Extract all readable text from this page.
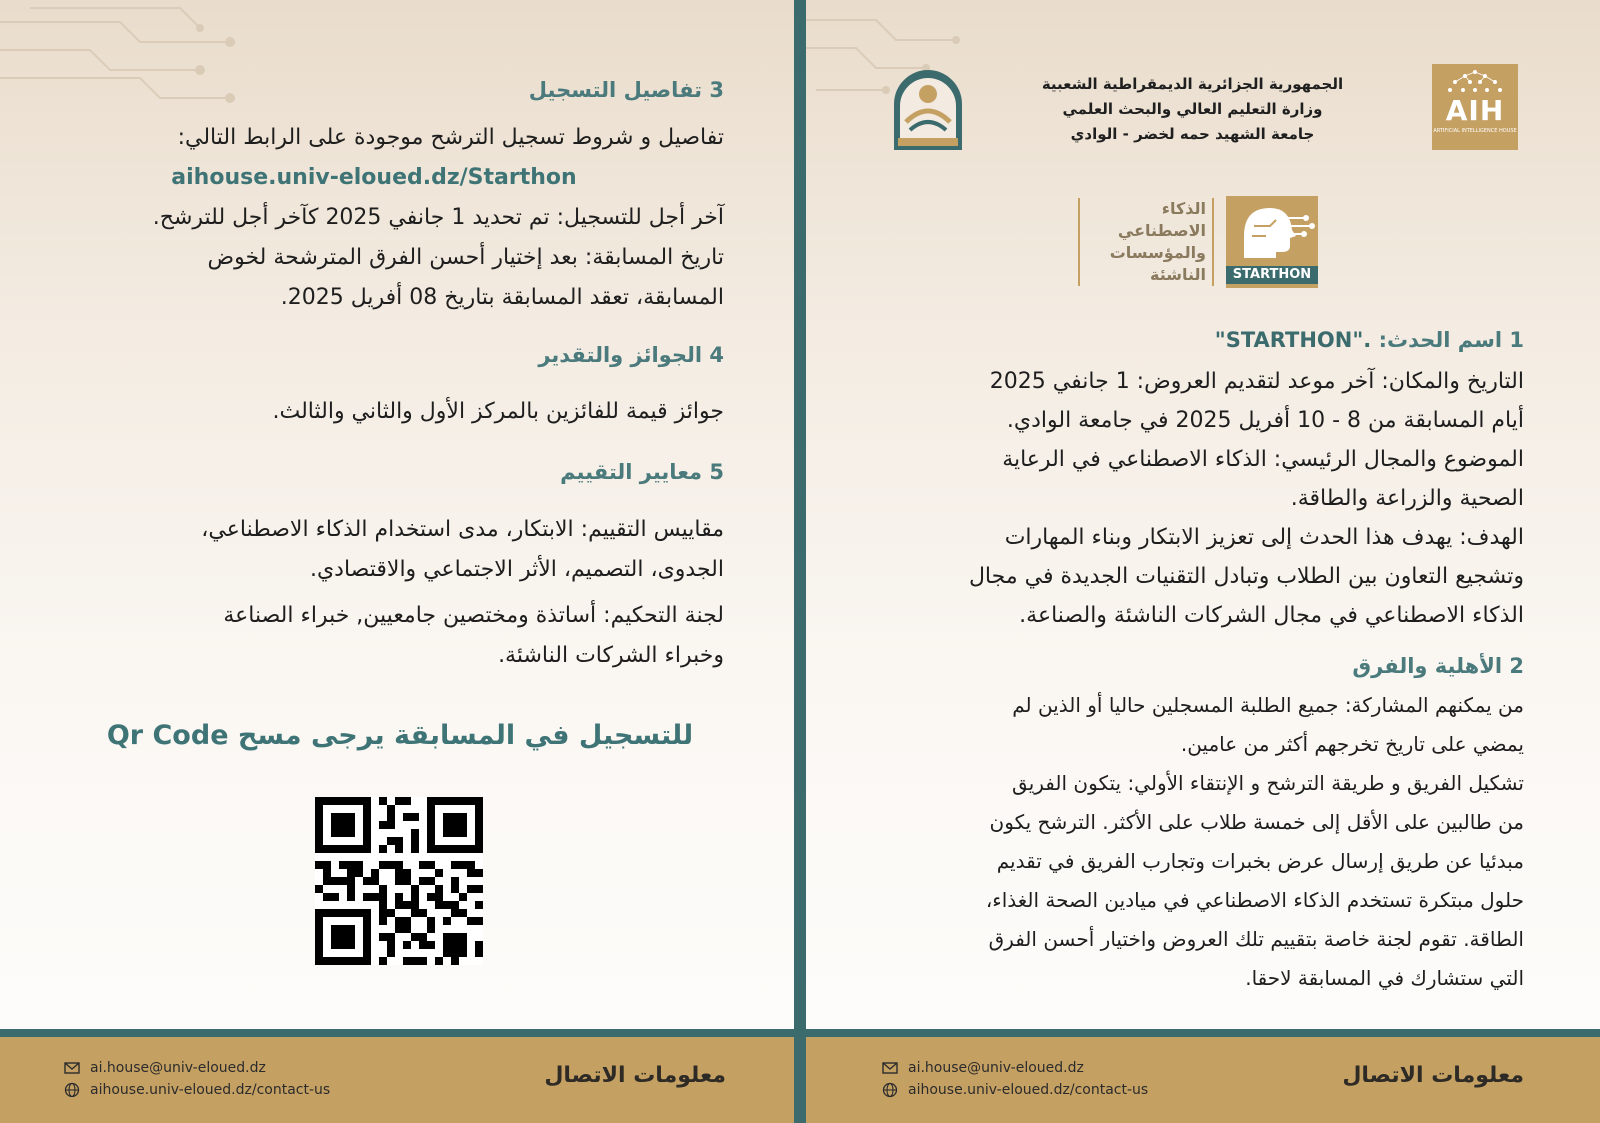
3 تفاصيل التسجيل
تفاصيل و شروط تسجيل الترشح موجودة على الرابط التالي:
aihouse.univ-eloued.dz/Starthon
آخر أجل للتسجيل: تم تحديد 1 جانفي 2025 كآخر أجل للترشح.
تاريخ المسابقة: بعد إختيار أحسن الفرق المترشحة لخوض
المسابقة، تعقد المسابقة بتاريخ 08 أفريل 2025.
4 الجوائز والتقدير
جوائز قيمة للفائزين بالمركز الأول والثاني والثالث.
5 معايير التقييم
مقاييس التقييم: الابتكار، مدى استخدام الذكاء الاصطناعي،
الجدوى، التصميم، الأثر الاجتماعي والاقتصادي.
لجنة التحكيم: أساتذة ومختصين جامعيين, خبراء الصناعة
وخبراء الشركات الناشئة.
للتسجيل في المسابقة يرجى مسح Qr Code
الجمهورية الجزائرية الديمقراطية الشعبية
وزارة التعليم العالي والبحث العلمي
جامعة الشهيد حمه لخضر - الوادي
AIH
ARTIFICIAL INTELLIGENCE HOUSE
الذكاء
الاصطناعي
والمؤسسات
الناشئة	STARTHON
1 اسم الحدث: "STARTHON".
التاريخ والمكان: آخر موعد لتقديم العروض: 1 جانفي 2025
أيام المسابقة من 8 - 10 أفريل 2025 في جامعة الوادي.
الموضوع والمجال الرئيسي: الذكاء الاصطناعي في الرعاية
الصحية والزراعة والطاقة.
الهدف: يهدف هذا الحدث إلى تعزيز الابتكار وبناء المهارات
وتشجيع التعاون بين الطلاب وتبادل التقنيات الجديدة في مجال
الذكاء الاصطناعي في مجال الشركات الناشئة والصناعة.
2 الأهلية والفرق
من يمكنهم المشاركة: جميع الطلبة المسجلين حاليا أو الذين لم
يمضي على تاريخ تخرجهم أكثر من عامين.
تشكيل الفريق و طريقة الترشح و الإنتقاء الأولي: يتكون الفريق
من طالبين على الأقل إلى خمسة طلاب على الأكثر. الترشح يكون
مبدئيا عن طريق إرسال عرض بخبرات وتجارب الفريق في تقديم
حلول مبتكرة تستخدم الذكاء الاصطناعي في ميادين الصحة الغذاء،
الطاقة. تقوم لجنة خاصة بتقييم تلك العروض واختيار أحسن الفرق
التي ستشارك في المسابقة لاحقا.
ai.house@univ-eloued.dz
aihouse.univ-eloued.dz/contact-us
معلومات الاتصال	ai.house@univ-eloued.dz
aihouse.univ-eloued.dz/contact-us
معلومات الاتصال
